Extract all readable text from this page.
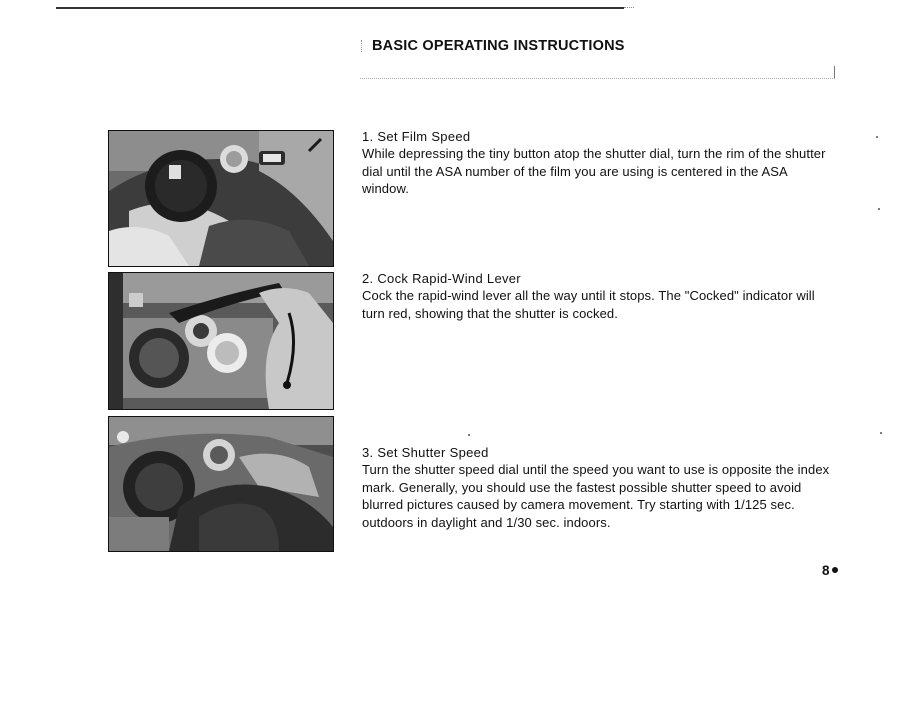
BASIC OPERATING INSTRUCTIONS
1. Set Film Speed
While depressing the tiny button atop the shutter dial, turn the rim of the shutter dial until the ASA number of the film you are using is centered in the ASA window.
2. Cock Rapid-Wind Lever
Cock the rapid-wind lever all the way until it stops. The "Cocked" indicator will turn red, showing that the shutter is cocked.
3. Set Shutter Speed
Turn the shutter speed dial until the speed you want to use is opposite the index mark. Generally, you should use the fastest possible shutter speed to avoid blurred pictures caused by camera movement. Try starting with 1/125 sec. outdoors in daylight and 1/30 sec. indoors.
8
